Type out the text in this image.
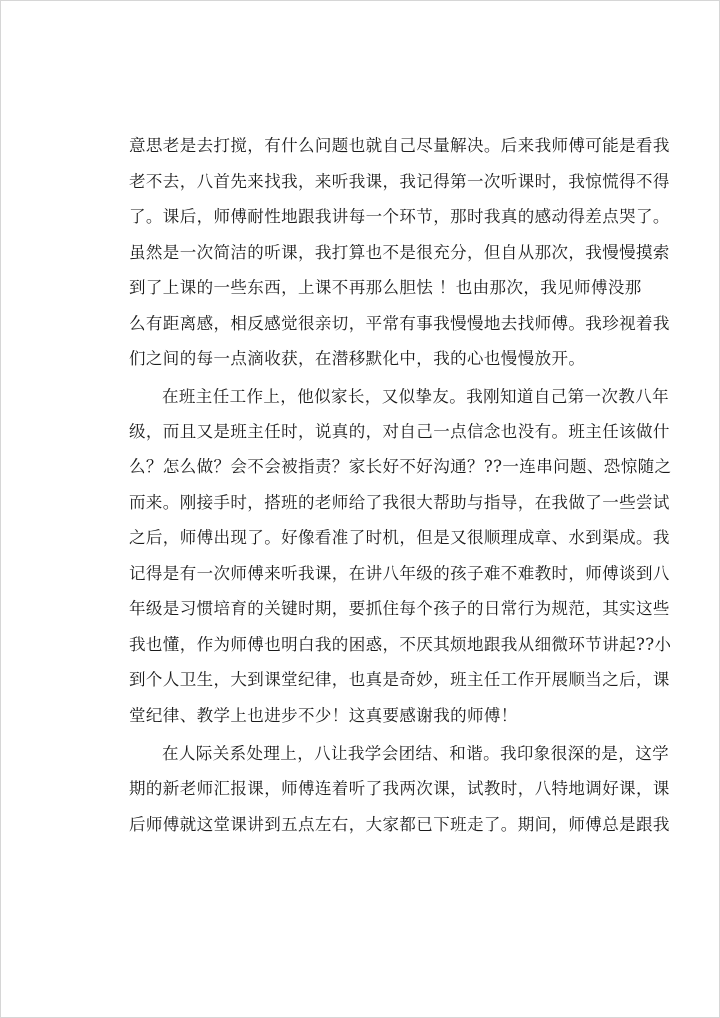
意思老是去打搅，有什么问题也就自己尽量解决。后来我师傅可能是看我
老不去，八首先来找我，来听我课，我记得第一次听课时，我惊慌得不得
了。课后，师傅耐性地跟我讲每一个环节，那时我真的感动得差点哭了。
虽然是一次简洁的听课，我打算也不是很充分，但自从那次，我慢慢摸索
到了上课的一些东西，上课不再那么胆怯 ！也由那次，我见师傅没那
么有距离感，相反感觉很亲切，平常有事我慢慢地去找师傅。我珍视着我
们之间的每一点滴收获，在潜移默化中，我的心也慢慢放开。
在班主任工作上，他似家长，又似挚友。我刚知道自己第一次教八年
级，而且又是班主任时，说真的，对自己一点信念也没有。班主任该做什
么？怎么做？会不会被指责？家长好不好沟通？??一连串问题、恐惊随之
而来。刚接手时，搭班的老师给了我很大帮助与指导，在我做了一些尝试
之后，师傅出现了。好像看准了时机，但是又很顺理成章、水到渠成。我
记得是有一次师傅来听我课，在讲八年级的孩子难不难教时，师傅谈到八
年级是习惯培育的关键时期，要抓住每个孩子的日常行为规范，其实这些
我也懂，作为师傅也明白我的困惑，不厌其烦地跟我从细微环节讲起??小
到个人卫生，大到课堂纪律，也真是奇妙，班主任工作开展顺当之后，课
堂纪律、教学上也进步不少！这真要感谢我的师傅！
在人际关系处理上，八让我学会团结、和谐。我印象很深的是，这学
期的新老师汇报课，师傅连着听了我两次课，试教时，八特地调好课，课
后师傅就这堂课讲到五点左右，大家都已下班走了。期间，师傅总是跟我
